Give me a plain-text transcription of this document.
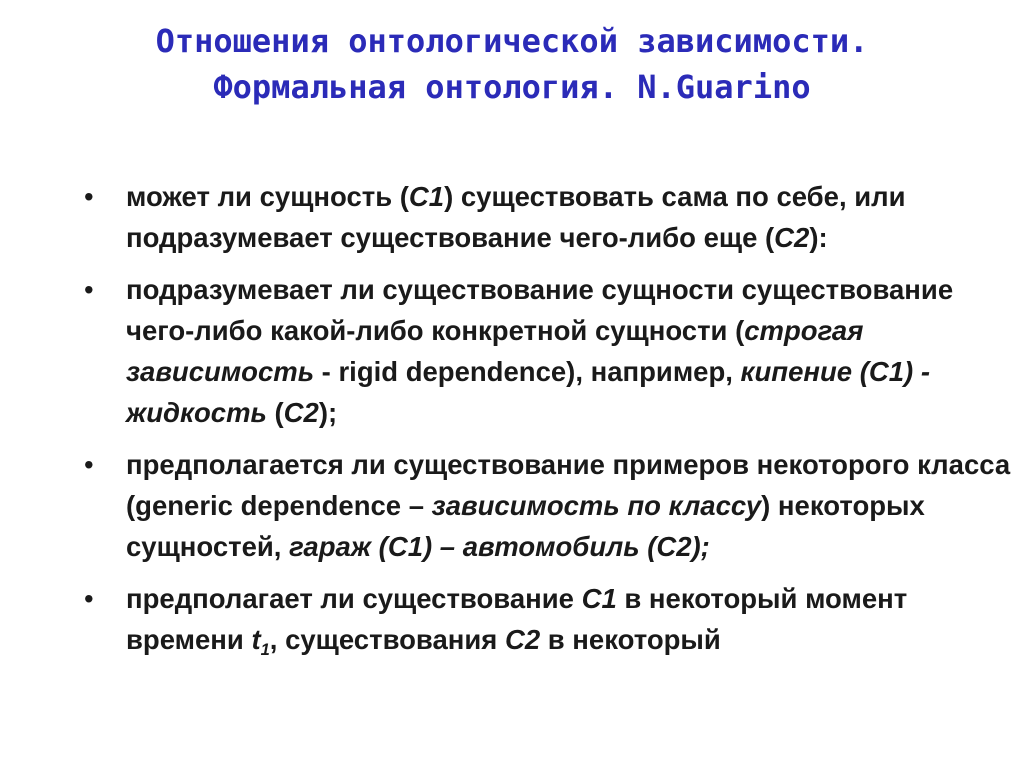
Отношения онтологической зависимости.
Формальная онтология. N.Guarino
•	может ли сущность (C1) существовать сама по себе, или подразумевает существование чего-либо еще (C2):
•	подразумевает ли существование сущности существование чего-либо какой-либо конкретной сущности (строгая зависимость - rigid dependence), например, кипение (C1) - жидкость (C2);
•	предполагается ли существование примеров некоторого класса (generic dependence – зависимость по классу) некоторых сущностей, гараж (С1) – автомобиль (С2);
•	предполагает ли существование С1 в некоторый момент времени $t_1$, существования С2 в некоторый
